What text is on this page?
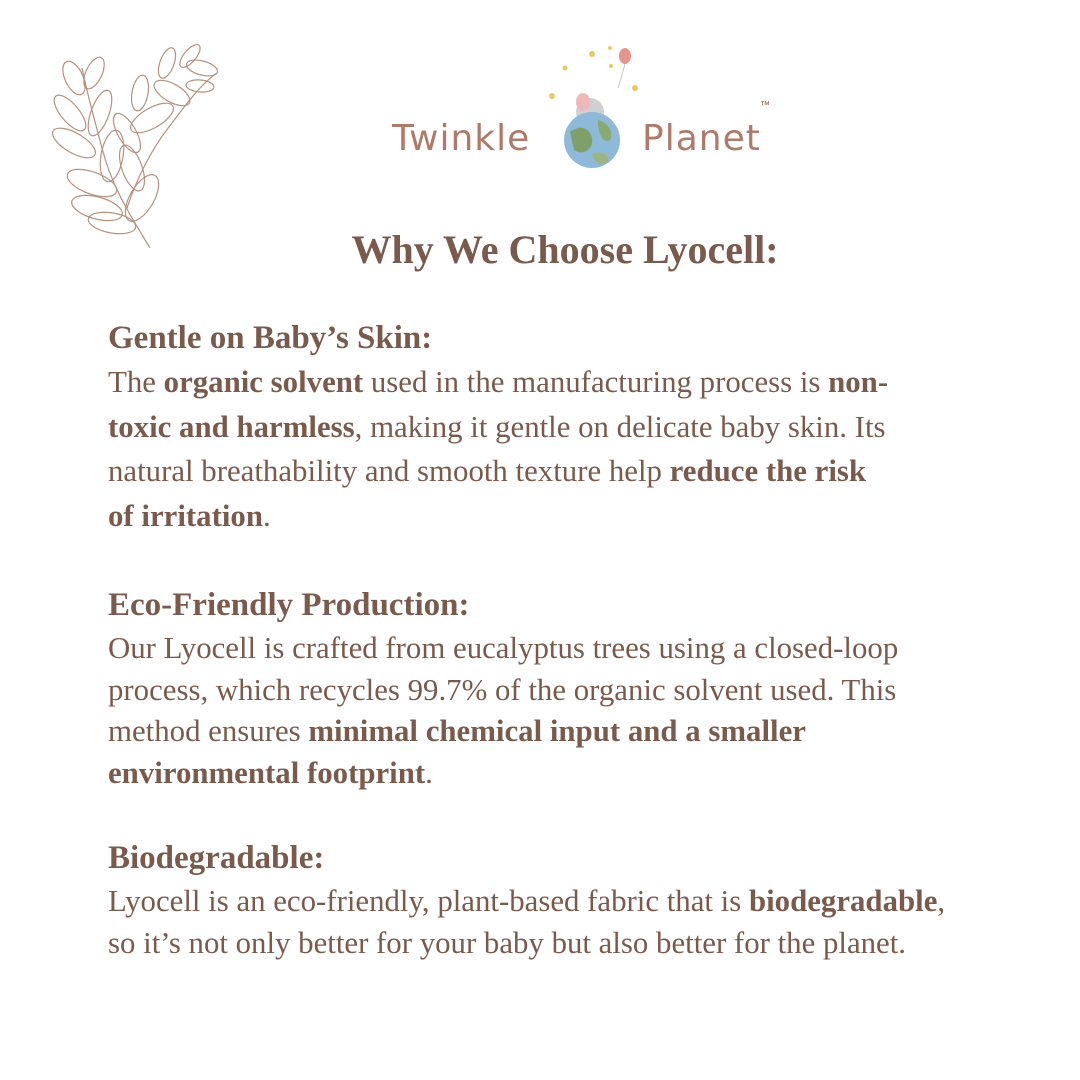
Twinkle	Planet
™
Why We Choose Lyocell:
Gentle on Baby’s Skin:

The organic solvent used in the manufacturing process is non-

toxic and harmless, making it gentle on delicate baby skin. Its

natural breathability and smooth texture help reduce the risk

of irritation.

Eco-Friendly Production:

Our Lyocell is crafted from eucalyptus trees using a closed-loop

process, which recycles 99.7% of the organic solvent used. This

method ensures minimal chemical input and a smaller

environmental footprint.

Biodegradable:

Lyocell is an eco-friendly, plant-based fabric that is biodegradable,

so it’s not only better for your baby but also better for the planet.
